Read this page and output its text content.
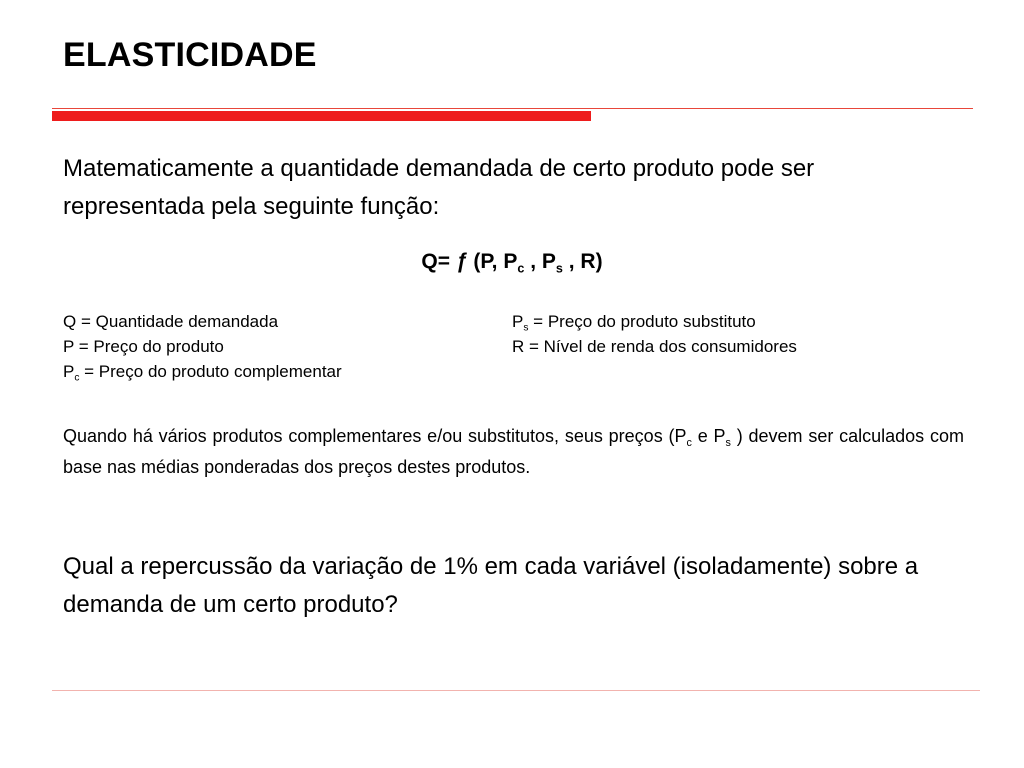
ELASTICIDADE
Matematicamente a quantidade demandada de certo produto pode ser representada pela seguinte função:
Q= ƒ (P, $P_c$ , $P_s$ , R)
Q = Quantidade demandada
P = Preço do produto
$P_c$ = Preço do produto complementar
$P_s$ = Preço do produto substituto
R = Nível de renda dos consumidores
Quando há vários produtos complementares e/ou substitutos, seus preços ($P_c$ e $P_s$ ) devem ser calculados com base nas médias ponderadas dos preços destes produtos.
Qual a repercussão da variação de 1% em cada variável (isoladamente) sobre a demanda de um certo produto?
